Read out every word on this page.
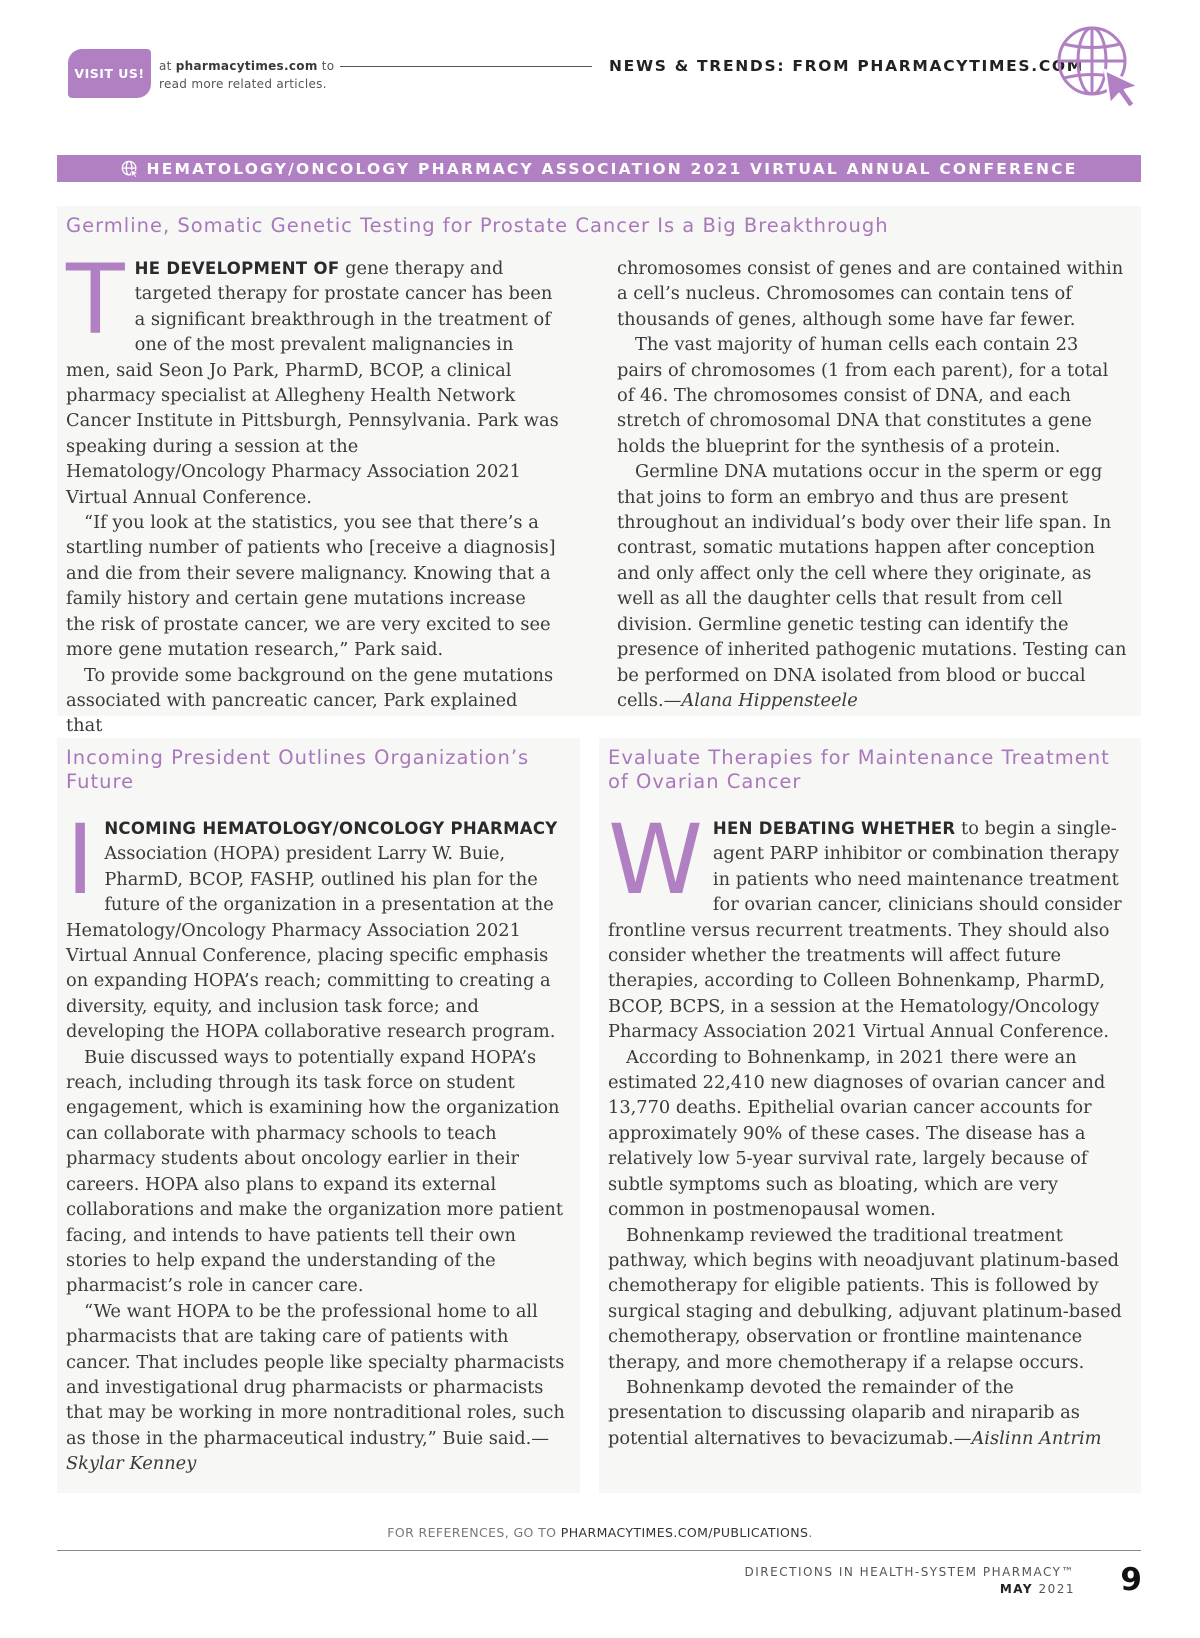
VISIT US!	at pharmacytimes.com to
read more related articles.
NEWS & TRENDS: FROM PHARMACYTIMES.COM
HEMATOLOGY/ONCOLOGY PHARMACY ASSOCIATION 2021 VIRTUAL ANNUAL CONFERENCE
Germline, Somatic Genetic Testing for Prostate Cancer Is a Big Breakthrough

THE DEVELOPMENT OF gene therapy and targeted therapy for prostate cancer has been a significant breakthrough in the treatment of one of the most prevalent malignancies in men, said Seon Jo Park, PharmD, BCOP, a clinical pharmacy specialist at Allegheny Health Network Cancer Institute in Pittsburgh, Pennsylvania. Park was speaking during a session at the Hematology/Oncology Pharmacy Association 2021 Virtual Annual Conference.

“If you look at the statistics, you see that there’s a startling number of patients who [receive a diagnosis] and die from their severe malignancy. Knowing that a family history and certain gene mutations increase the risk of prostate cancer, we are very excited to see more gene mutation research,” Park said.

To provide some background on the gene mutations associated with pancreatic cancer, Park explained that

chromosomes consist of genes and are contained within a cell’s nucleus. Chromosomes can contain tens of thousands of genes, although some have far fewer.

The vast majority of human cells each contain 23 pairs of chromosomes (1 from each parent), for a total of 46. The chromosomes consist of DNA, and each stretch of chromosomal DNA that constitutes a gene holds the blueprint for the synthesis of a protein.

Germline DNA mutations occur in the sperm or egg that joins to form an embryo and thus are present throughout an individual’s body over their life span. In contrast, somatic mutations happen after conception and only affect only the cell where they originate, as well as all the daughter cells that result from cell division. Germline genetic testing can identify the presence of inherited pathogenic mutations. Testing can be performed on DNA isolated from blood or buccal cells.—Alana Hippensteele

Incoming President Outlines Organization’s Future

INCOMING HEMATOLOGY/ONCOLOGY PHARMACY Association (HOPA) president Larry W. Buie, PharmD, BCOP, FASHP, outlined his plan for the future of the organization in a presentation at the Hematology/Oncology Pharmacy Association 2021 Virtual Annual Conference, placing specific emphasis on expanding HOPA’s reach; committing to creating a diversity, equity, and inclusion task force; and developing the HOPA collaborative research program.

Buie discussed ways to potentially expand HOPA’s reach, including through its task force on student engagement, which is examining how the organization can collaborate with pharmacy schools to teach pharmacy students about oncology earlier in their careers. HOPA also plans to expand its external collaborations and make the organization more patient facing, and intends to have patients tell their own stories to help expand the understanding of the pharmacist’s role in cancer care.

“We want HOPA to be the professional home to all pharmacists that are taking care of patients with cancer. That includes people like specialty pharmacists and investigational drug pharmacists or pharmacists that may be working in more nontraditional roles, such as those in the pharmaceutical industry,” Buie said.—Skylar Kenney

Evaluate Therapies for Maintenance Treatment of Ovarian Cancer

WHEN DEBATING WHETHER to begin a single-agent PARP inhibitor or combination therapy in patients who need maintenance treatment for ovarian cancer, clinicians should consider frontline versus recurrent treatments. They should also consider whether the treatments will affect future therapies, according to Colleen Bohnenkamp, PharmD, BCOP, BCPS, in a session at the Hematology/Oncology Pharmacy Association 2021 Virtual Annual Conference.

According to Bohnenkamp, in 2021 there were an estimated 22,410 new diagnoses of ovarian cancer and 13,770 deaths. Epithelial ovarian cancer accounts for approximately 90% of these cases. The disease has a relatively low 5-year survival rate, largely because of subtle symptoms such as bloating, which are very common in postmenopausal women.

Bohnenkamp reviewed the traditional treatment pathway, which begins with neoadjuvant platinum-based chemotherapy for eligible patients. This is followed by surgical staging and debulking, adjuvant platinum-based chemotherapy, observation or frontline maintenance therapy, and more chemotherapy if a relapse occurs.

Bohnenkamp devoted the remainder of the presentation to discussing olaparib and niraparib as potential alternatives to bevacizumab.—Aislinn Antrim

FOR REFERENCES, GO TO PHARMACYTIMES.COM/PUBLICATIONS.
DIRECTIONS IN HEALTH-SYSTEM PHARMACY™
MAY 2021 9
